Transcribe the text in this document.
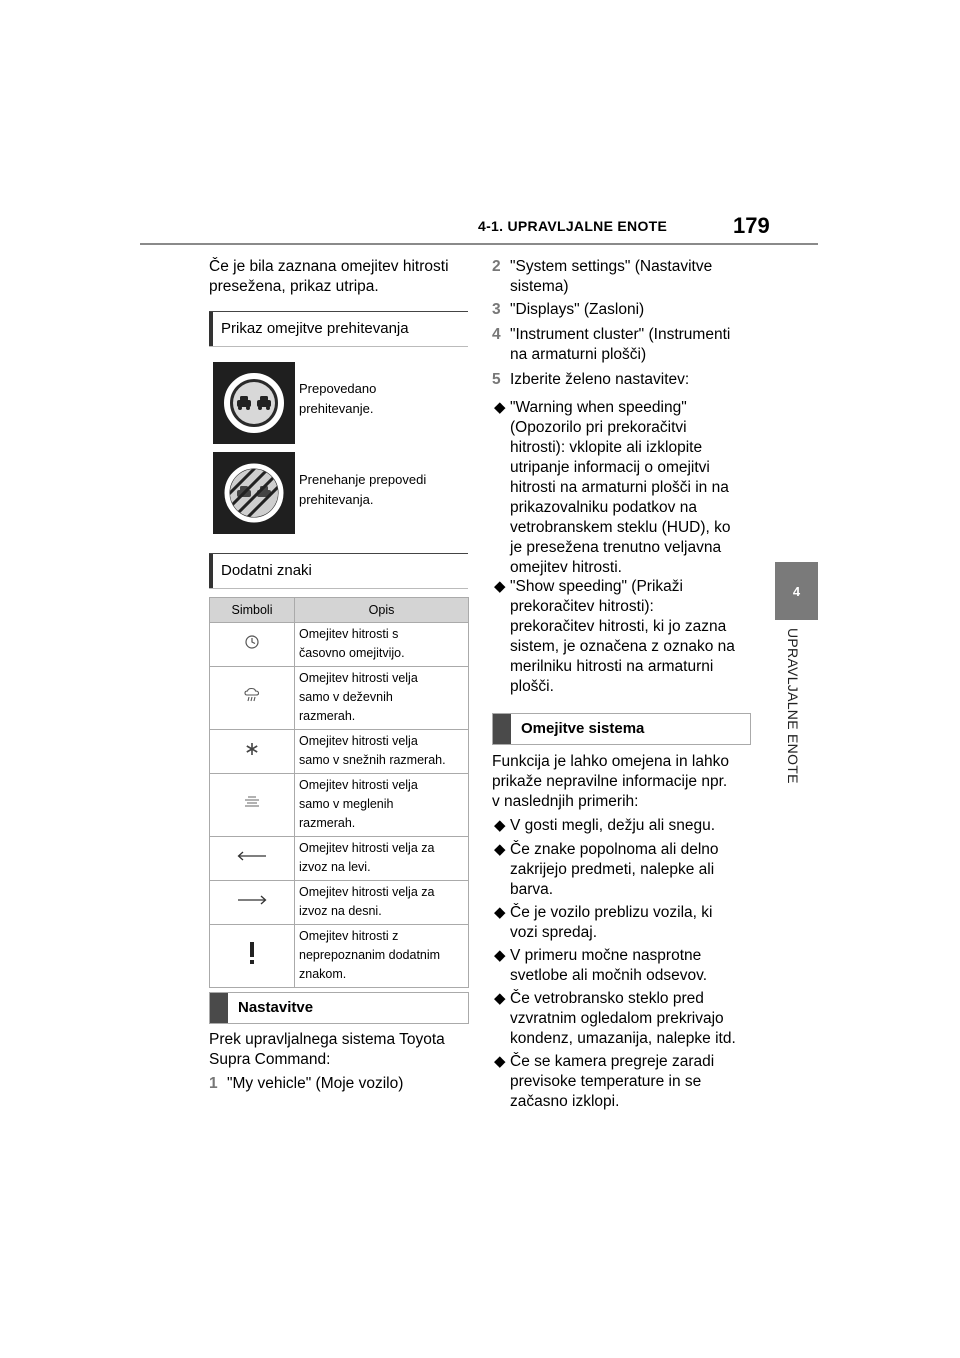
4-1. UPRAVLJALNE ENOTE	179
4
UPRAVLJALNE ENOTE
Če je bila zaznana omejitev hitrosti
presežena, prikaz utripa.
Prikaz omejitve prehitevanja
Prepovedano
prehitevanje.
Prenehanje prepovedi
prehitevanja.
Dodatni znaki
Simboli	Opis

Omejitev hitrosti s
časovno omejitvijo.

Omejitev hitrosti velja
samo v deževnih
razmerah.

Omejitev hitrosti velja
samo v snežnih razmerah.

Omejitev hitrosti velja
samo v meglenih
razmerah.

Omejitev hitrosti velja za
izvoz na levi.

Omejitev hitrosti velja za
izvoz na desni.

Omejitev hitrosti z
neprepoznanim dodatnim
znakom.
Nastavitve
Prek upravljalnega sistema Toyota
Supra Command:
1 "My vehicle" (Moje vozilo)
2 "System settings" (Nastavitve
sistema)
3 "Displays" (Zasloni)
4 "Instrument cluster" (Instrumenti
na armaturni plošči)
5 Izberite želeno nastavitev:
◆ "Warning when speeding"
(Opozorilo pri prekoračitvi
hitrosti): vklopite ali izklopite
utripanje informacij o omejitvi
hitrosti na armaturni plošči in na
prikazovalniku podatkov na
vetrobranskem steklu (HUD), ko
je presežena trenutno veljavna
omejitev hitrosti.
◆ "Show speeding" (Prikaži
prekoračitev hitrosti):
prekoračitev hitrosti, ki jo zazna
sistem, je označena z oznako na
merilniku hitrosti na armaturni
plošči.
Omejitve sistema
Funkcija je lahko omejena in lahko
prikaže nepravilne informacije npr.
v naslednjih primerih:
◆ V gosti megli, dežju ali snegu.
◆ Če znake popolnoma ali delno
zakrijejo predmeti, nalepke ali
barva.
◆ Če je vozilo preblizu vozila, ki
vozi spredaj.
◆ V primeru močne nasprotne
svetlobe ali močnih odsevov.
◆ Če vetrobransko steklo pred
vzvratnim ogledalom prekrivajo
kondenz, umazanija, nalepke itd.
◆ Če se kamera pregreje zaradi
previsoke temperature in se
začasno izklopi.
